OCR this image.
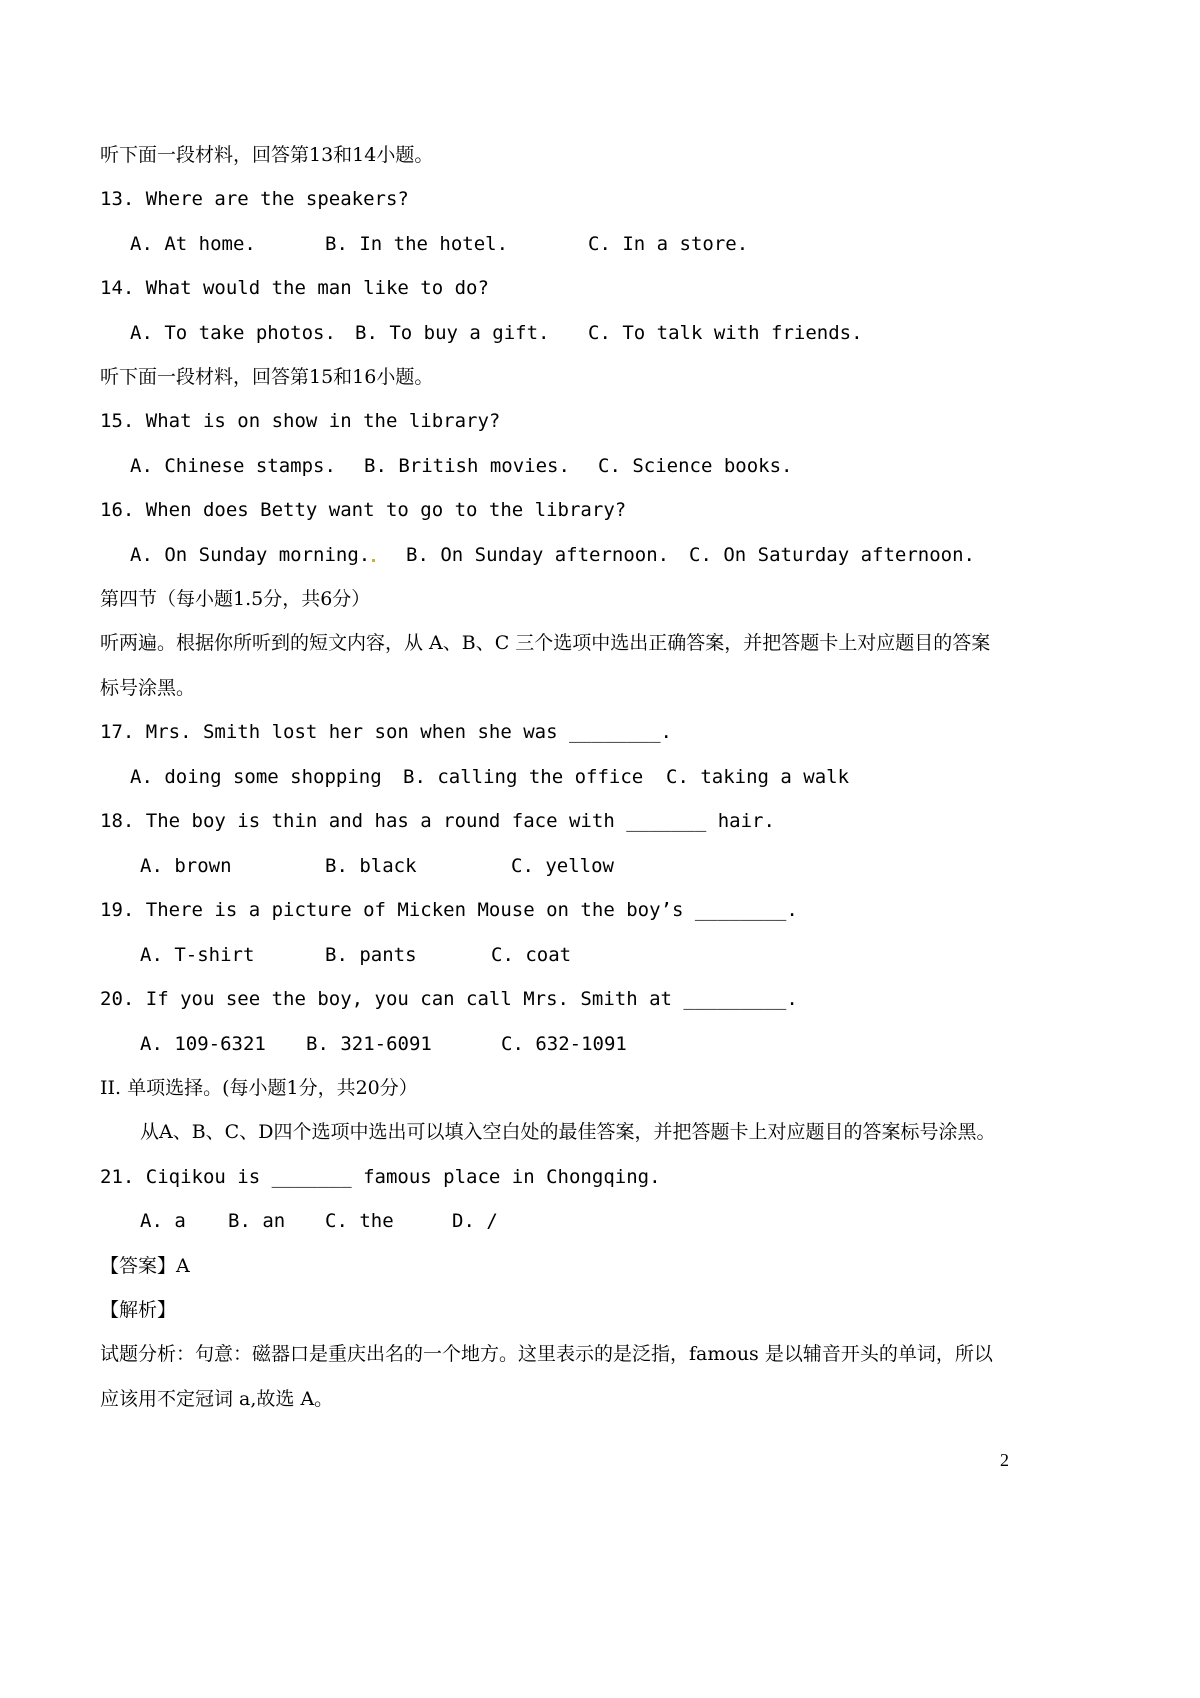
听下面一段材料，回答第13和14小题。
13. Where are the speakers?
A. At home.	B. In the hotel.	C. In a store.
14. What would the man like to do?
A. To take photos. B. To buy a gift. C. To talk with friends.
听下面一段材料，回答第15和16小题。
15. What is on show in the library?
A. Chinese stamps. B. British movies. C. Science books.
16. When does Betty want to go to the library?
A. On Sunday morning. B. On Sunday afternoon. C. On Saturday afternoon.
第四节（每小题1.5分，共6分）
听两遍。根据你所听到的短文内容，从 A、B、C 三个选项中选出正确答案，并把答题卡上对应题目的答案
标号涂黑。
17. Mrs. Smith lost her son when she was ________.
A. doing some shopping B. calling the office C. taking a walk
18. The boy is thin and has a round face with _______ hair.
A. brown	B. black	C. yellow
19. There is a picture of Micken Mouse on the boy’s ________.
A. T-shirt	B. pants	C. coat
20. If you see the boy, you can call Mrs. Smith at _________.
A. 109-6321 B. 321-6091	C. 632-1091
II. 单项选择。(每小题1分，共20分）
从A、B、C、D四个选项中选出可以填入空白处的最佳答案，并把答题卡上对应题目的答案标号涂黑。
21. Ciqikou is _______ famous place in Chongqing.
A. a B. an C. the	D. /
【答案】A
【解析】
试题分析：句意：磁器口是重庆出名的一个地方。这里表示的是泛指，famous 是以辅音开头的单词，所以
应该用不定冠词 a,故选 A。
2
